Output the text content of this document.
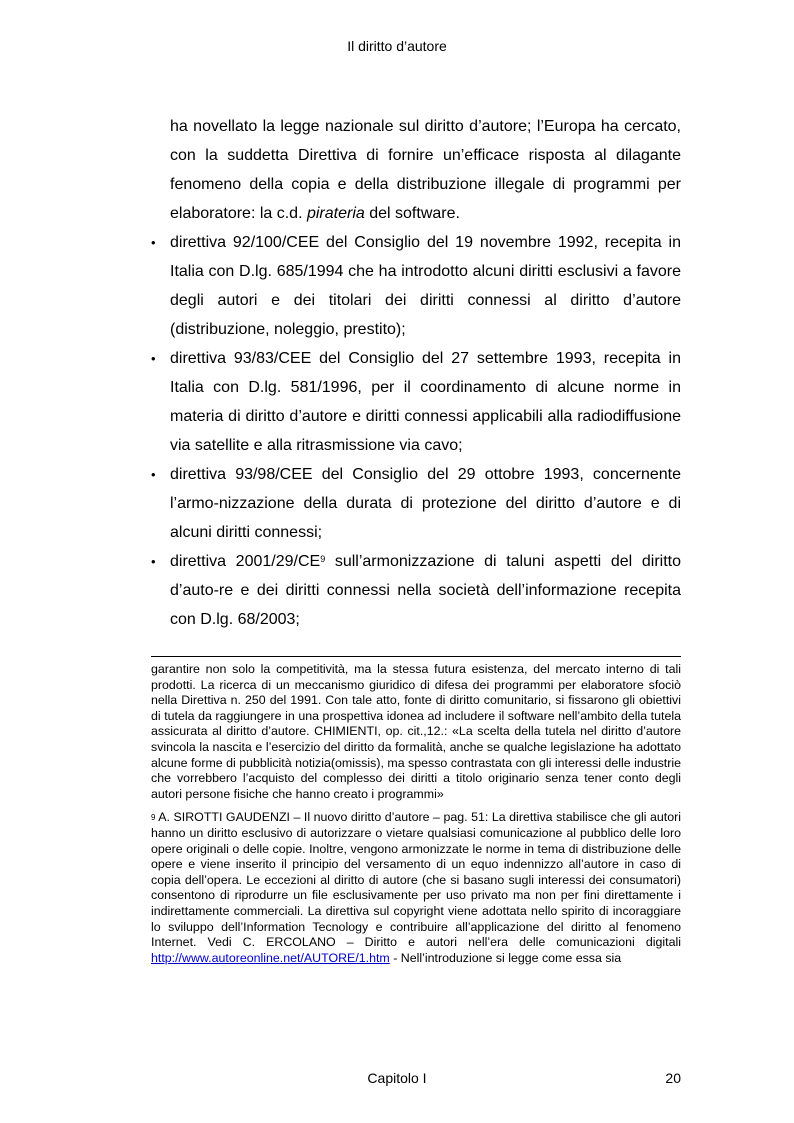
Il diritto d’autore

ha novellato la legge nazionale sul diritto d’autore; l’Europa ha cercato, con la suddetta Direttiva di fornire un’efficace risposta al dilagante fenomeno della copia e della distribuzione illegale di programmi per elaboratore: la c.d. pirateria del software.

• direttiva 92/100/CEE del Consiglio del 19 novembre 1992, recepita in Italia con D.lg. 685/1994 che ha introdotto alcuni diritti esclusivi a favore degli autori e dei titolari dei diritti connessi al diritto d’autore (distribuzione, noleggio, prestito);
• direttiva 93/83/CEE del Consiglio del 27 settembre 1993, recepita in Italia con D.lg. 581/1996, per il coordinamento di alcune norme in materia di diritto d’autore e diritti connessi applicabili alla radiodiffusione via satellite e alla ritrasmissione via cavo;
• direttiva 93/98/CEE del Consiglio del 29 ottobre 1993, concernente l’armo-nizzazione della durata di protezione del diritto d’autore e di alcuni diritti connessi;
• direttiva $2001/29/CE^9$ sull’armonizzazione di taluni aspetti del diritto d’auto-re e dei diritti connessi nella società dell’informazione recepita con D.lg. 68/2003;

garantire non solo la competitività, ma la stessa futura esistenza, del mercato interno di tali prodotti. La ricerca di un meccanismo giuridico di difesa dei programmi per elaboratore sfociò nella Direttiva n. 250 del 1991. Con tale atto, fonte di diritto comunitario, si fissarono gli obiettivi di tutela da raggiungere in una prospettiva idonea ad includere il software nell’ambito della tutela assicurata al diritto d’autore. CHIMIENTI, op. cit.,12.: «La scelta della tutela nel diritto d’autore svincola la nascita e l’esercizio del diritto da formalità, anche se qualche legislazione ha adottato alcune forme di pubblicità notizia(omissis), ma spesso contrastata con gli interessi delle industrie che vorrebbero l’acquisto del complesso dei diritti a titolo originario senza tener conto degli autori persone fisiche che hanno creato i programmi»

$^9$ A. SIROTTI GAUDENZI – Il nuovo diritto d’autore – pag. 51: La direttiva stabilisce che gli autori hanno un diritto esclusivo di autorizzare o vietare qualsiasi comunicazione al pubblico delle loro opere originali o delle copie. Inoltre, vengono armonizzate le norme in tema di distribuzione delle opere e viene inserito il principio del versamento di un equo indennizzo all’autore in caso di copia dell’opera. Le eccezioni al diritto di autore (che si basano sugli interessi dei consumatori) consentono di riprodurre un file esclusivamente per uso privato ma non per fini direttamente i indirettamente commerciali. La direttiva sul copyright viene adottata nello spirito di incoraggiare lo sviluppo dell’Information Tecnology e contribuire all’applicazione del diritto al fenomeno Internet. Vedi C. ERCOLANO – Diritto e autori nell’era delle comunicazioni digitali http://www.autoreonline.net/AUTORE/1.htm - Nell’introduzione si legge come essa sia

Capitolo I	20
